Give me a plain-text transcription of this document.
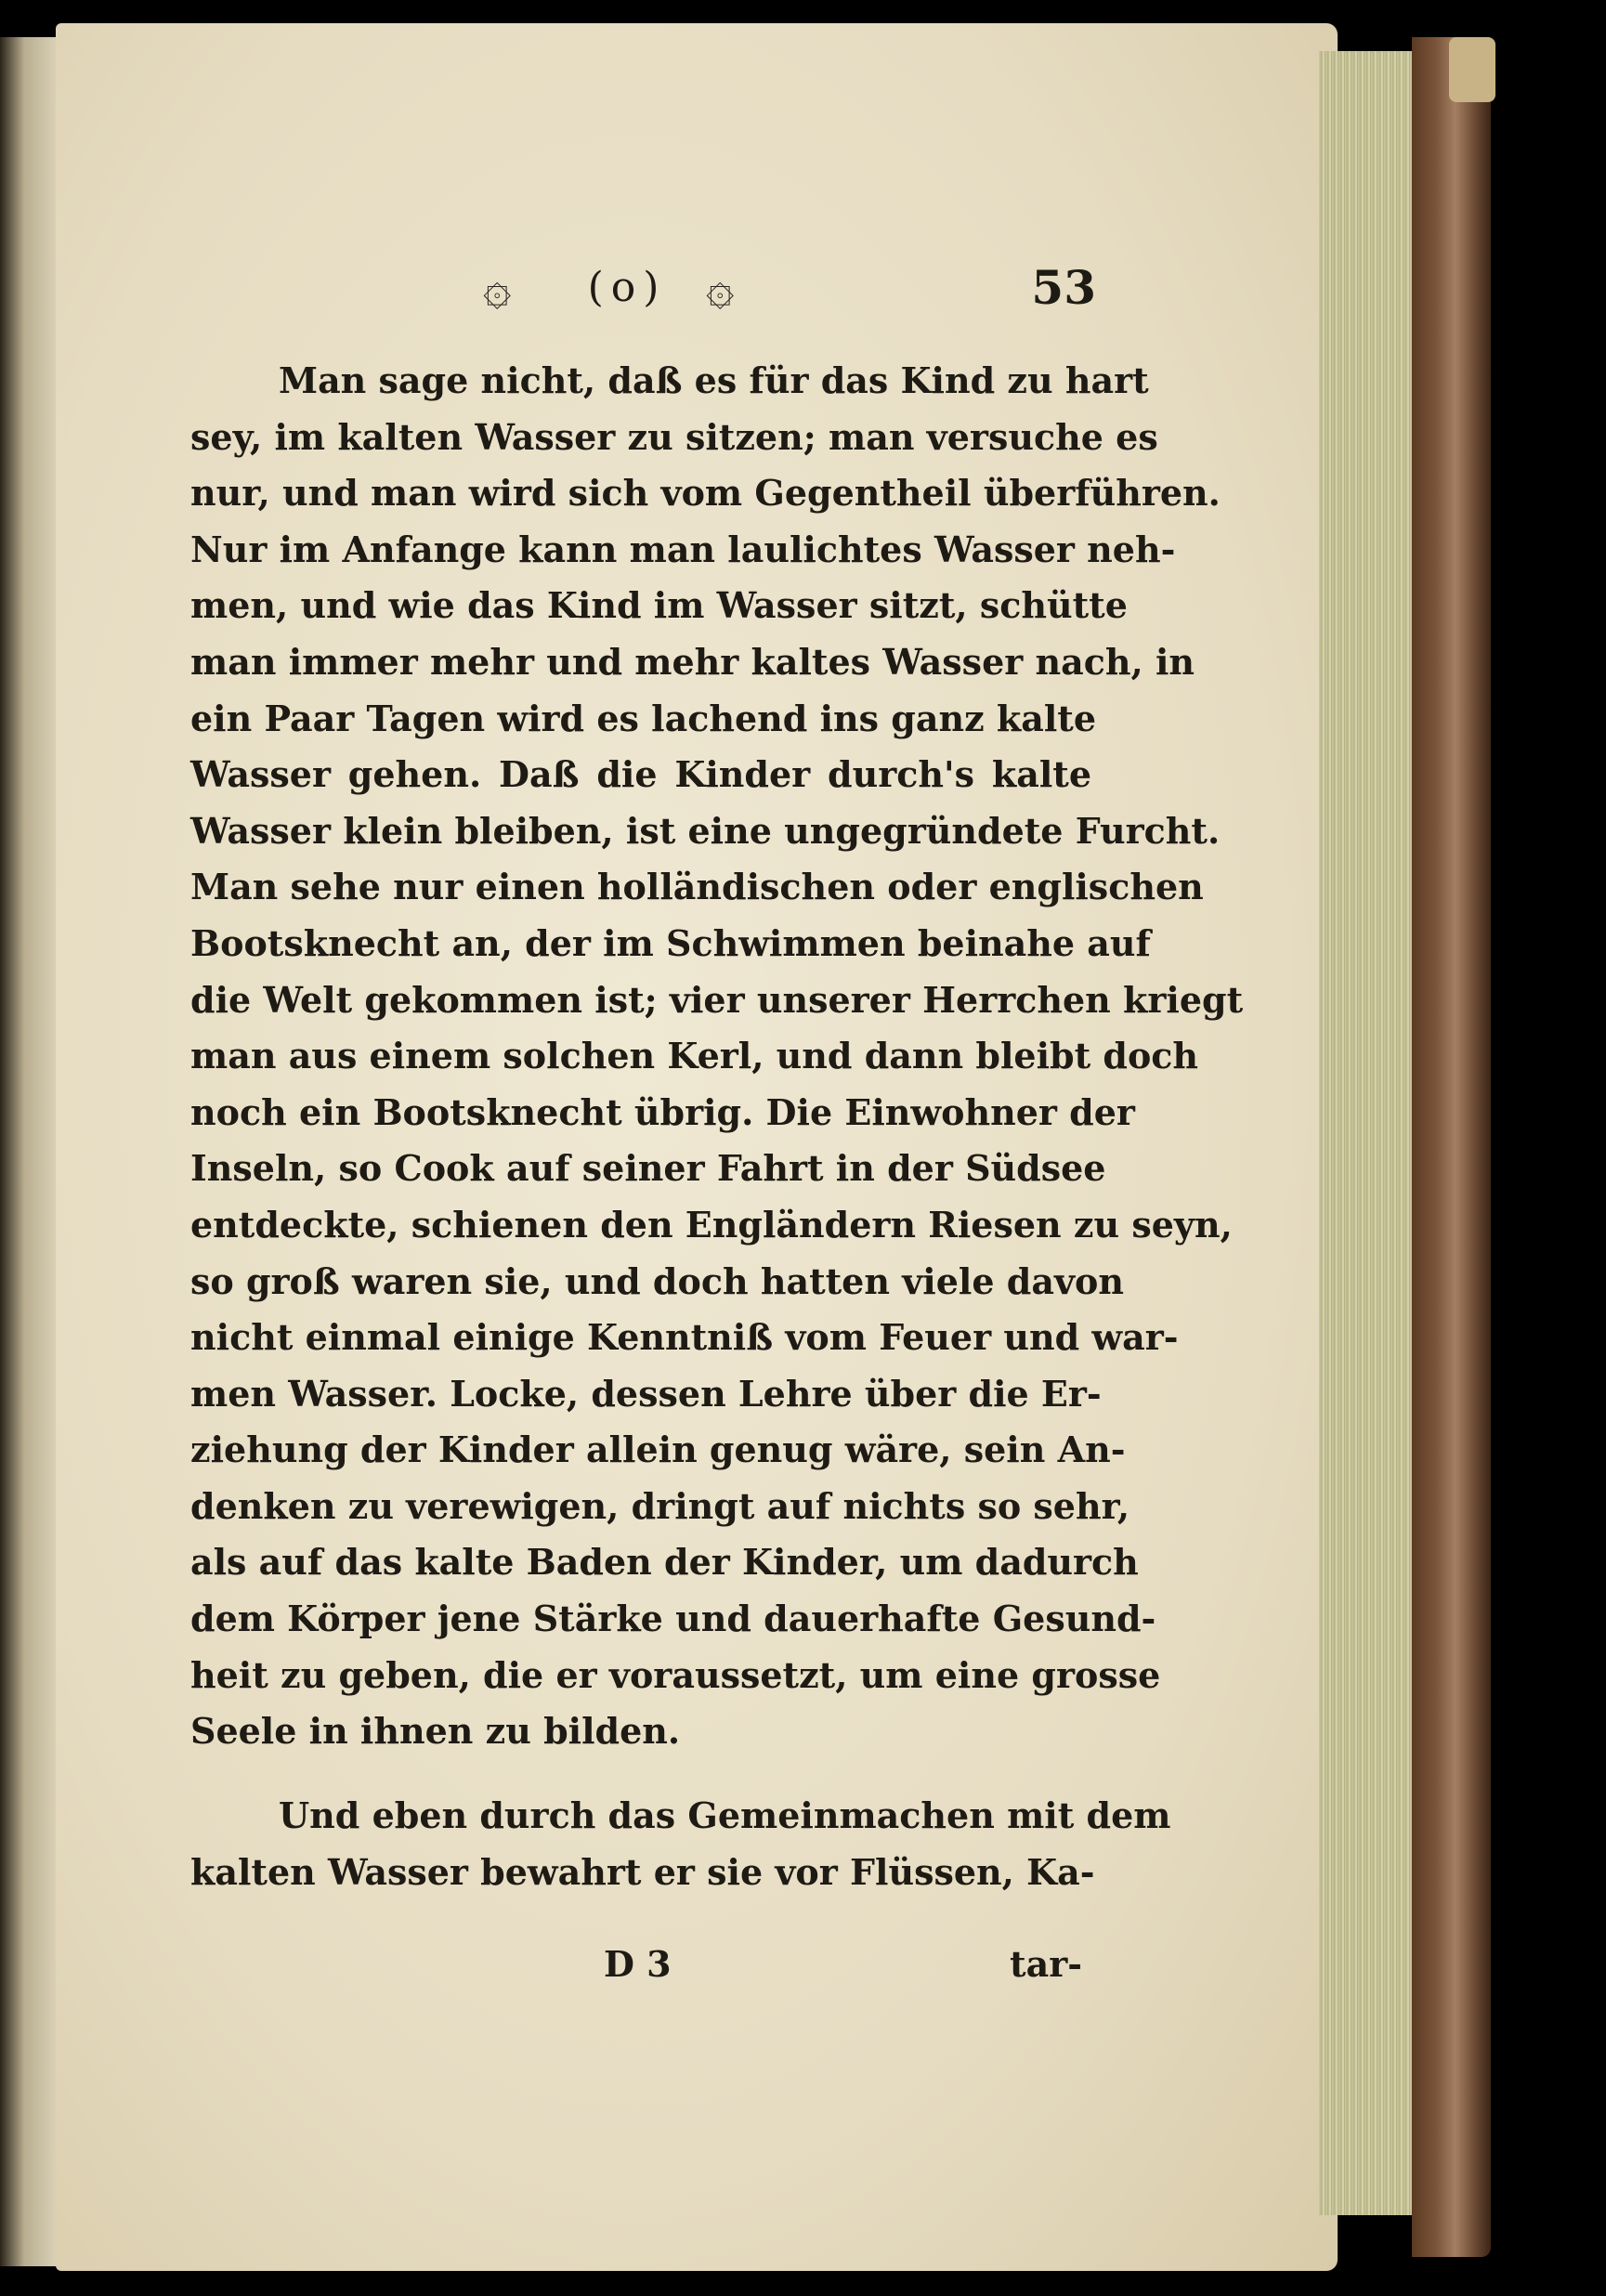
۞	(o) ۞	53
Man sage nicht, daß es für das Kind zu hart
sey, im kalten Wasser zu sitzen; man versuche es
nur, und man wird sich vom Gegentheil überführen.
Nur im Anfange kann man laulichtes Wasser neh-
men, und wie das Kind im Wasser sitzt, schütte
man immer mehr und mehr kaltes Wasser nach, in
ein Paar Tagen wird es lachend ins ganz kalte
Wasser gehen. Daß die Kinder durch's kalte
Wasser klein bleiben, ist eine ungegründete Furcht.
Man sehe nur einen holländischen oder englischen
Bootsknecht an, der im Schwimmen beinahe auf
die Welt gekommen ist; vier unserer Herrchen kriegt
man aus einem solchen Kerl, und dann bleibt doch
noch ein Bootsknecht übrig. Die Einwohner der
Inseln, so Cook auf seiner Fahrt in der Südsee
entdeckte, schienen den Engländern Riesen zu seyn,
so groß waren sie, und doch hatten viele davon
nicht einmal einige Kenntniß vom Feuer und war-
men Wasser. Locke, dessen Lehre über die Er-
ziehung der Kinder allein genug wäre, sein An-
denken zu verewigen, dringt auf nichts so sehr,
als auf das kalte Baden der Kinder, um dadurch
dem Körper jene Stärke und dauerhafte Gesund-
heit zu geben, die er voraussetzt, um eine grosse
Seele in ihnen zu bilden.
Und eben durch das Gemeinmachen mit dem
kalten Wasser bewahrt er sie vor Flüssen, Ka-
D 3	tar-
